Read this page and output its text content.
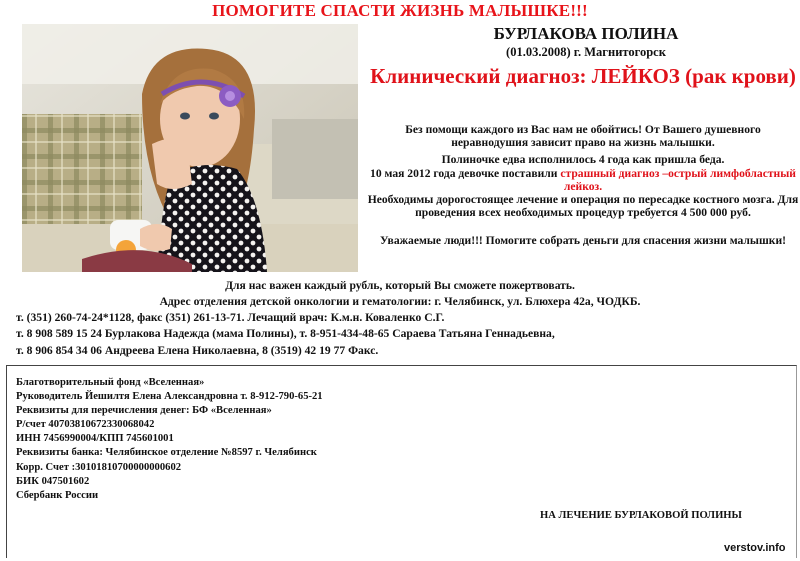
ПОМОГИТЕ СПАСТИ ЖИЗНЬ МАЛЫШКЕ!!!
БУРЛАКОВА ПОЛИНА
(01.03.2008) г. Магнитогорск
Клинический диагноз: ЛЕЙКОЗ (рак крови)
Без помощи каждого из Вас нам не обойтись! От Вашего душевного неравнодушия зависит право на жизнь малышки.
Полиночке едва исполнилось 4 года как пришла беда.
10 мая 2012 года девочке поставили страшный диагноз –острый лимфобластный лейкоз.
Необходимы дорогостоящее лечение и операция по пересадке костного мозга. Для проведения всех необходимых процедур требуется 4 500 000 руб.
Уважаемые люди!!! Помогите собрать деньги для спасения жизни малышки!
Для нас важен каждый рубль, который Вы сможете пожертвовать.
Адрес отделения детской онкологии и гематологии: г. Челябинск, ул. Блюхера 42а, ЧОДКБ.
т. (351) 260-74-24*1128, факс (351) 261-13-71. Лечащий врач: К.м.н. Коваленко С.Г.
т. 8 908 589 15 24 Бурлакова Надежда (мама Полины), т. 8-951-434-48-65 Сараева Татьяна Геннадьевна,
т. 8 906 854 34 06 Андреева Елена Николаевна, 8 (3519) 42 19 77 Факс.
Благотворительный фонд «Вселенная»
Руководитель Йешилтя Елена Александровна т. 8-912-790-65-21
Реквизиты для перечисления денег: БФ «Вселенная»
Р/счет 40703810672330068042
ИНН 7456990004/КПП 745601001
Реквизиты банка: Челябинское отделение №8597 г. Челябинск
Корр. Счет :30101810700000000602
БИК 047501602
Сбербанк России
НА ЛЕЧЕНИЕ БУРЛАКОВОЙ ПОЛИНЫ
verstov.info
